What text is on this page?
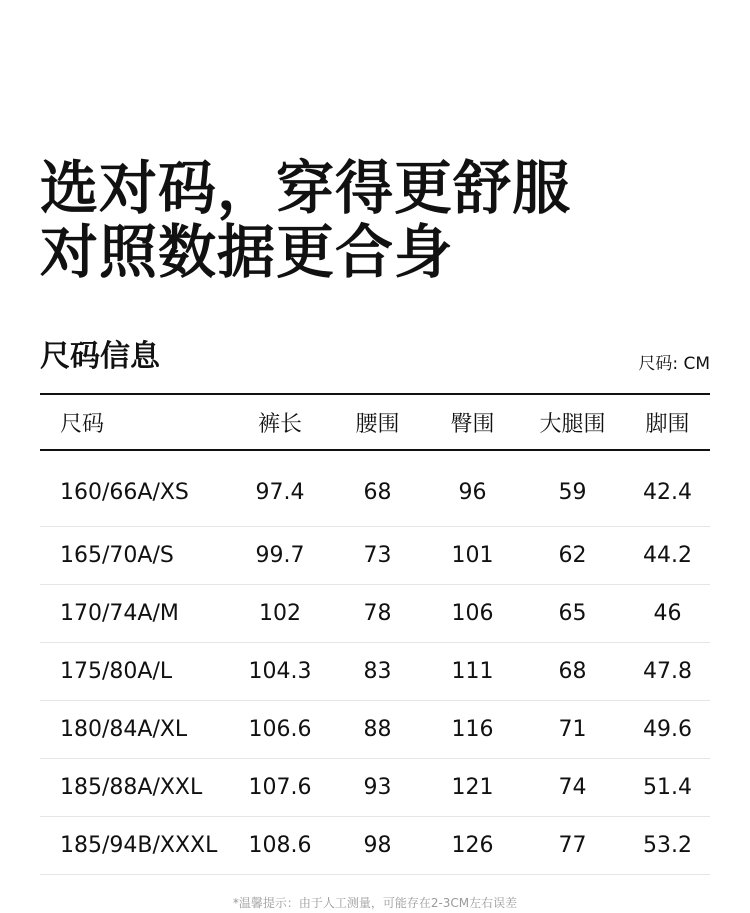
选对码，穿得更舒服
对照数据更合身
尺码信息	尺码: CM
尺码	裤长	腰围	臀围	大腿围	脚围
160/66A/XS	97.4	68	96	59	42.4
165/70A/S	99.7	73	101	62	44.2
170/74A/M	102	78	106	65	46
175/80A/L	104.3	83	111	68	47.8
180/84A/XL	106.6	88	116	71	49.6
185/88A/XXL	107.6	93	121	74	51.4
185/94B/XXXL	108.6	98	126	77	53.2
*温馨提示：由于人工测量，可能存在2-3CM左右误差
